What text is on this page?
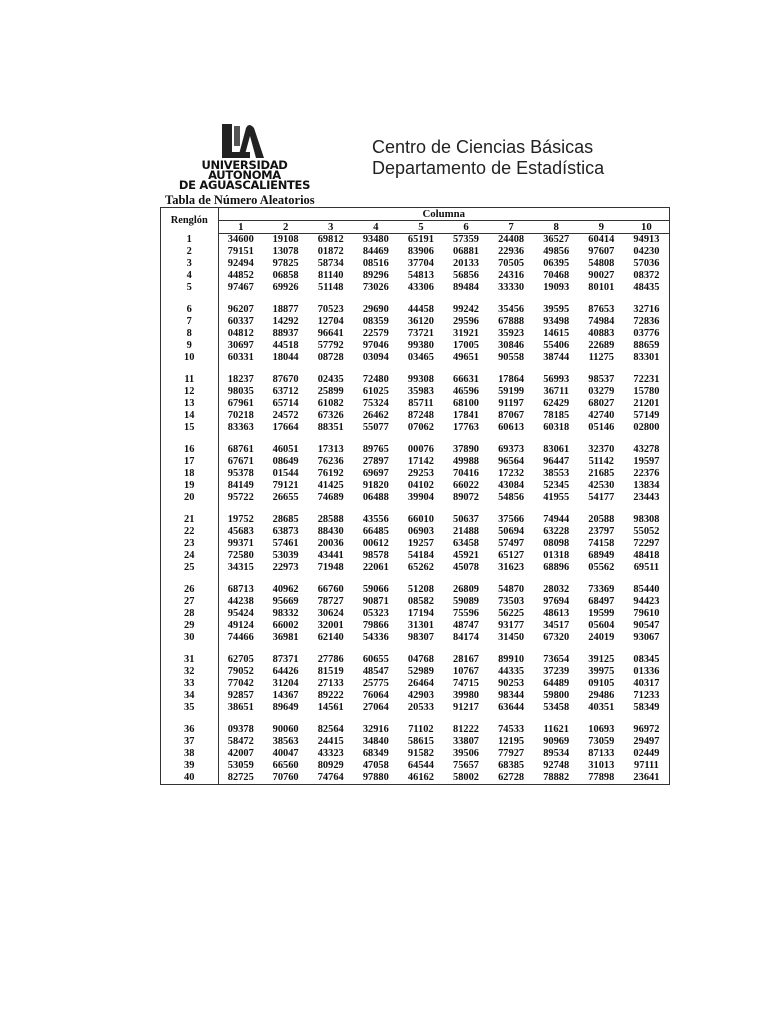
UNIVERSIDAD AUTONOMA
DE AGUASCALIENTES
Centro de Ciencias Básicas
Departamento de Estadística
Tabla de Número Aleatorios
Renglón	Columna									
	1	2	3	4	5	6	7	8	9	10
1	34600	19108	69812	93480	65191	57359	24408	36527	60414	94913
2	79151	13078	01872	84469	83906	06881	22936	49856	97607	04230
3	92494	97825	58734	08516	37704	20133	70505	06395	54808	57036
4	44852	06858	81140	89296	54813	56856	24316	70468	90027	08372
5	97467	69926	51148	73026	43306	89484	33330	19093	80101	48435

6	96207	18877	70523	29690	44458	99242	35456	39595	87653	32716
7	60337	14292	12704	08359	36120	29596	67888	93498	74984	72836
8	04812	88937	96641	22579	73721	31921	35923	14615	40883	03776
9	30697	44518	57792	97046	99380	17005	30846	55406	22689	88659
10	60331	18044	08728	03094	03465	49651	90558	38744	11275	83301

11	18237	87670	02435	72480	99308	66631	17864	56993	98537	72231
12	98035	63712	25899	61025	35983	46596	59199	36711	03279	15780
13	67961	65714	61082	75324	85711	68100	91197	62429	68027	21201
14	70218	24572	67326	26462	87248	17841	87067	78185	42740	57149
15	83363	17664	88351	55077	07062	17763	60613	60318	05146	02800

16	68761	46051	17313	89765	00076	37890	69373	83061	32370	43278
17	67671	08649	76236	27897	17142	49988	96564	96447	51142	19597
18	95378	01544	76192	69697	29253	70416	17232	38553	21685	22376
19	84149	79121	41425	91820	04102	66022	43084	52345	42530	13834
20	95722	26655	74689	06488	39904	89072	54856	41955	54177	23443

21	19752	28685	28588	43556	66010	50637	37566	74944	20588	98308
22	45683	63873	88430	66485	06903	21488	50694	63228	23797	55052
23	99371	57461	20036	00612	19257	63458	57497	08098	74158	72297
24	72580	53039	43441	98578	54184	45921	65127	01318	68949	48418
25	34315	22973	71948	22061	65262	45078	31623	68896	05562	69511

26	68713	40962	66760	59066	51208	26809	54870	28032	73369	85440
27	44238	95669	78727	90871	08582	59089	73503	97694	68497	94423
28	95424	98332	30624	05323	17194	75596	56225	48613	19599	79610
29	49124	66002	32001	79866	31301	48747	93177	34517	05604	90547
30	74466	36981	62140	54336	98307	84174	31450	67320	24019	93067

31	62705	87371	27786	60655	04768	28167	89910	73654	39125	08345
32	79052	64426	81519	48547	52989	10767	44335	37239	39975	01336
33	77042	31204	27133	25775	26464	74715	90253	64489	09105	40317
34	92857	14367	89222	76064	42903	39980	98344	59800	29486	71233
35	38651	89649	14561	27064	20533	91217	63644	53458	40351	58349

36	09378	90060	82564	32916	71102	81222	74533	11621	10693	96972
37	58472	38563	24415	34840	58615	33807	12195	90969	73059	29497
38	42007	40047	43323	68349	91582	39506	77927	89534	87133	02449
39	53059	66560	80929	47058	64544	75657	68385	92748	31013	97111
40	82725	70760	74764	97880	46162	58002	62728	78882	77898	23641
